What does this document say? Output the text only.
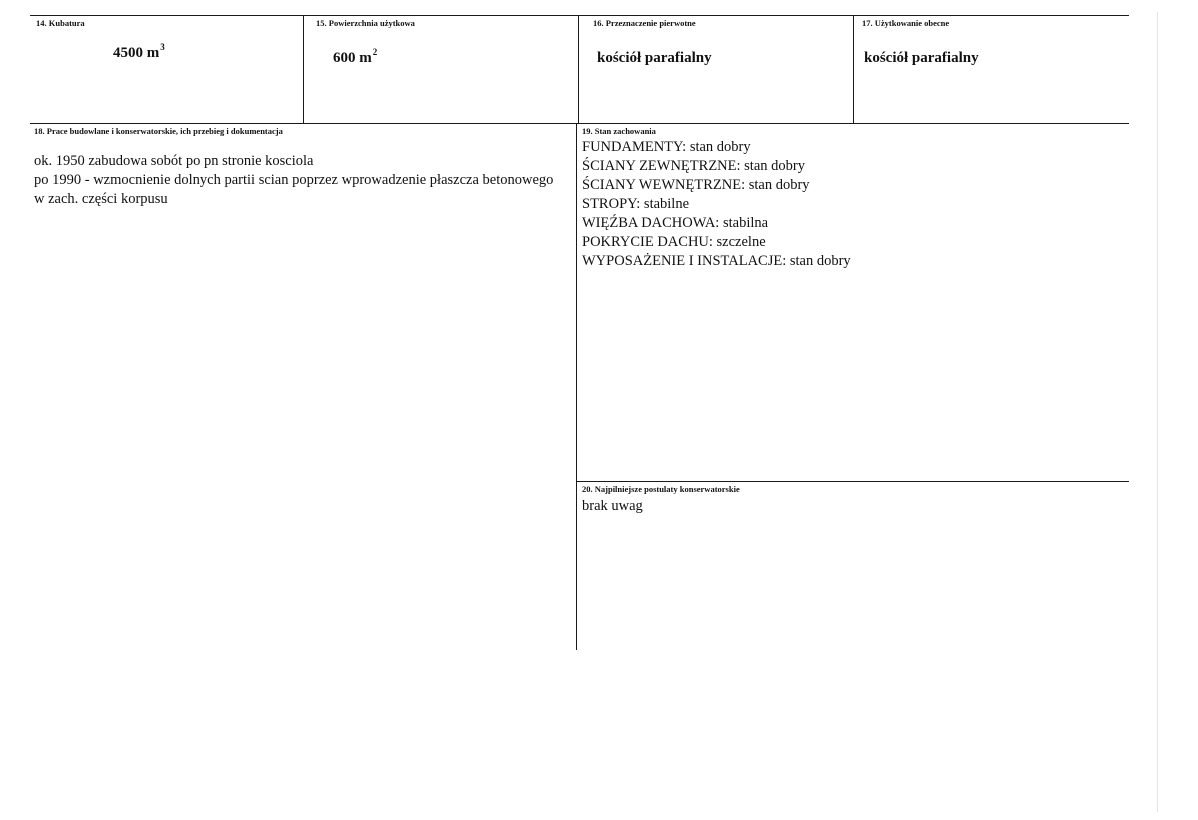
14. Kubatura
4500 $m^3$
15. Powierzchnia użytkowa
600 $m^2$
16. Przeznaczenie pierwotne
kościół parafialny
17. Użytkowanie obecne
kościół parafialny
18. Prace budowlane i konserwatorskie, ich przebieg i dokumentacja
ok. 1950 zabudowa sobót po pn stronie kosciola
po 1990 - wzmocnienie dolnych partii scian poprzez wprowadzenie płaszcza betonowego w zach. części korpusu
19. Stan zachowania
FUNDAMENTY: stan dobry
ŚCIANY ZEWNĘTRZNE: stan dobry
ŚCIANY WEWNĘTRZNE: stan dobry
STROPY: stabilne
WIĘŹBA DACHOWA: stabilna
POKRYCIE DACHU: szczelne
WYPOSAŻENIE I INSTALACJE: stan dobry
20. Najpilniejsze postulaty konserwatorskie
brak uwag
